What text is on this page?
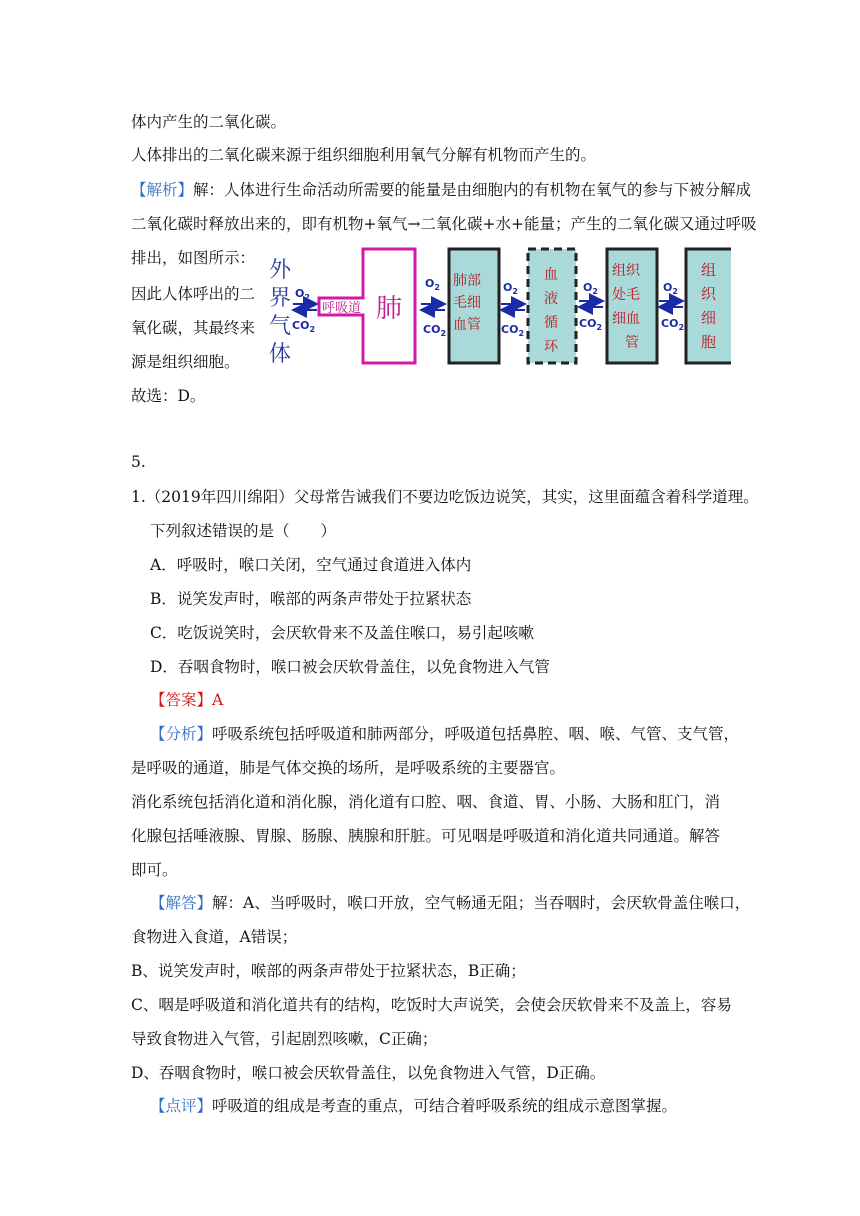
体内产生的二氧化碳。
人体排出的二氧化碳来源于组织细胞利用氧气分解有机物而产生的。
【解析】解：人体进行生命活动所需要的能量是由细胞内的有机物在氧气的参与下被分解成
二氧化碳时释放出来的，即有机物+氧气→二氧化碳+水+能量；产生的二氧化碳又通过呼吸
排出，如图所示：
因此人体呼出的二
氧化碳，其最终来
源是组织细胞。
故选：D。
外
界
气
体
$O_2$
$CO_2$
呼吸道 肺
$O_2$
$CO_2$
肺部
毛细
血管
$O_2$
$CO_2$
血
液
循
环
$O_2$
$CO_2$
组织
处毛
细血
管
$O_2$
$CO_2$
组
织
细
胞
5.
1.（2019年四川绵阳）父母常告诫我们不要边吃饭边说笑，其实，这里面蕴含着科学道理。
下列叙述错误的是（　　）
A．呼吸时，喉口关闭，空气通过食道进入体内
B．说笑发声时，喉部的两条声带处于拉紧状态
C．吃饭说笑时，会厌软骨来不及盖住喉口，易引起咳嗽
D．吞咽食物时，喉口被会厌软骨盖住，以免食物进入气管
【答案】A
【分析】呼吸系统包括呼吸道和肺两部分，呼吸道包括鼻腔、咽、喉、气管、支气管，
是呼吸的通道，肺是气体交换的场所，是呼吸系统的主要器官。
消化系统包括消化道和消化腺，消化道有口腔、咽、食道、胃、小肠、大肠和肛门，消
化腺包括唾液腺、胃腺、肠腺、胰腺和肝脏。可见咽是呼吸道和消化道共同通道。解答
即可。
【解答】解：A、当呼吸时，喉口开放，空气畅通无阻；当吞咽时，会厌软骨盖住喉口，
食物进入食道，A错误；
B、说笑发声时，喉部的两条声带处于拉紧状态，B正确；
C、咽是呼吸道和消化道共有的结构，吃饭时大声说笑，会使会厌软骨来不及盖上，容易
导致食物进入气管，引起剧烈咳嗽，C正确；
D、吞咽食物时，喉口被会厌软骨盖住，以免食物进入气管，D正确。
【点评】呼吸道的组成是考查的重点，可结合着呼吸系统的组成示意图掌握。
